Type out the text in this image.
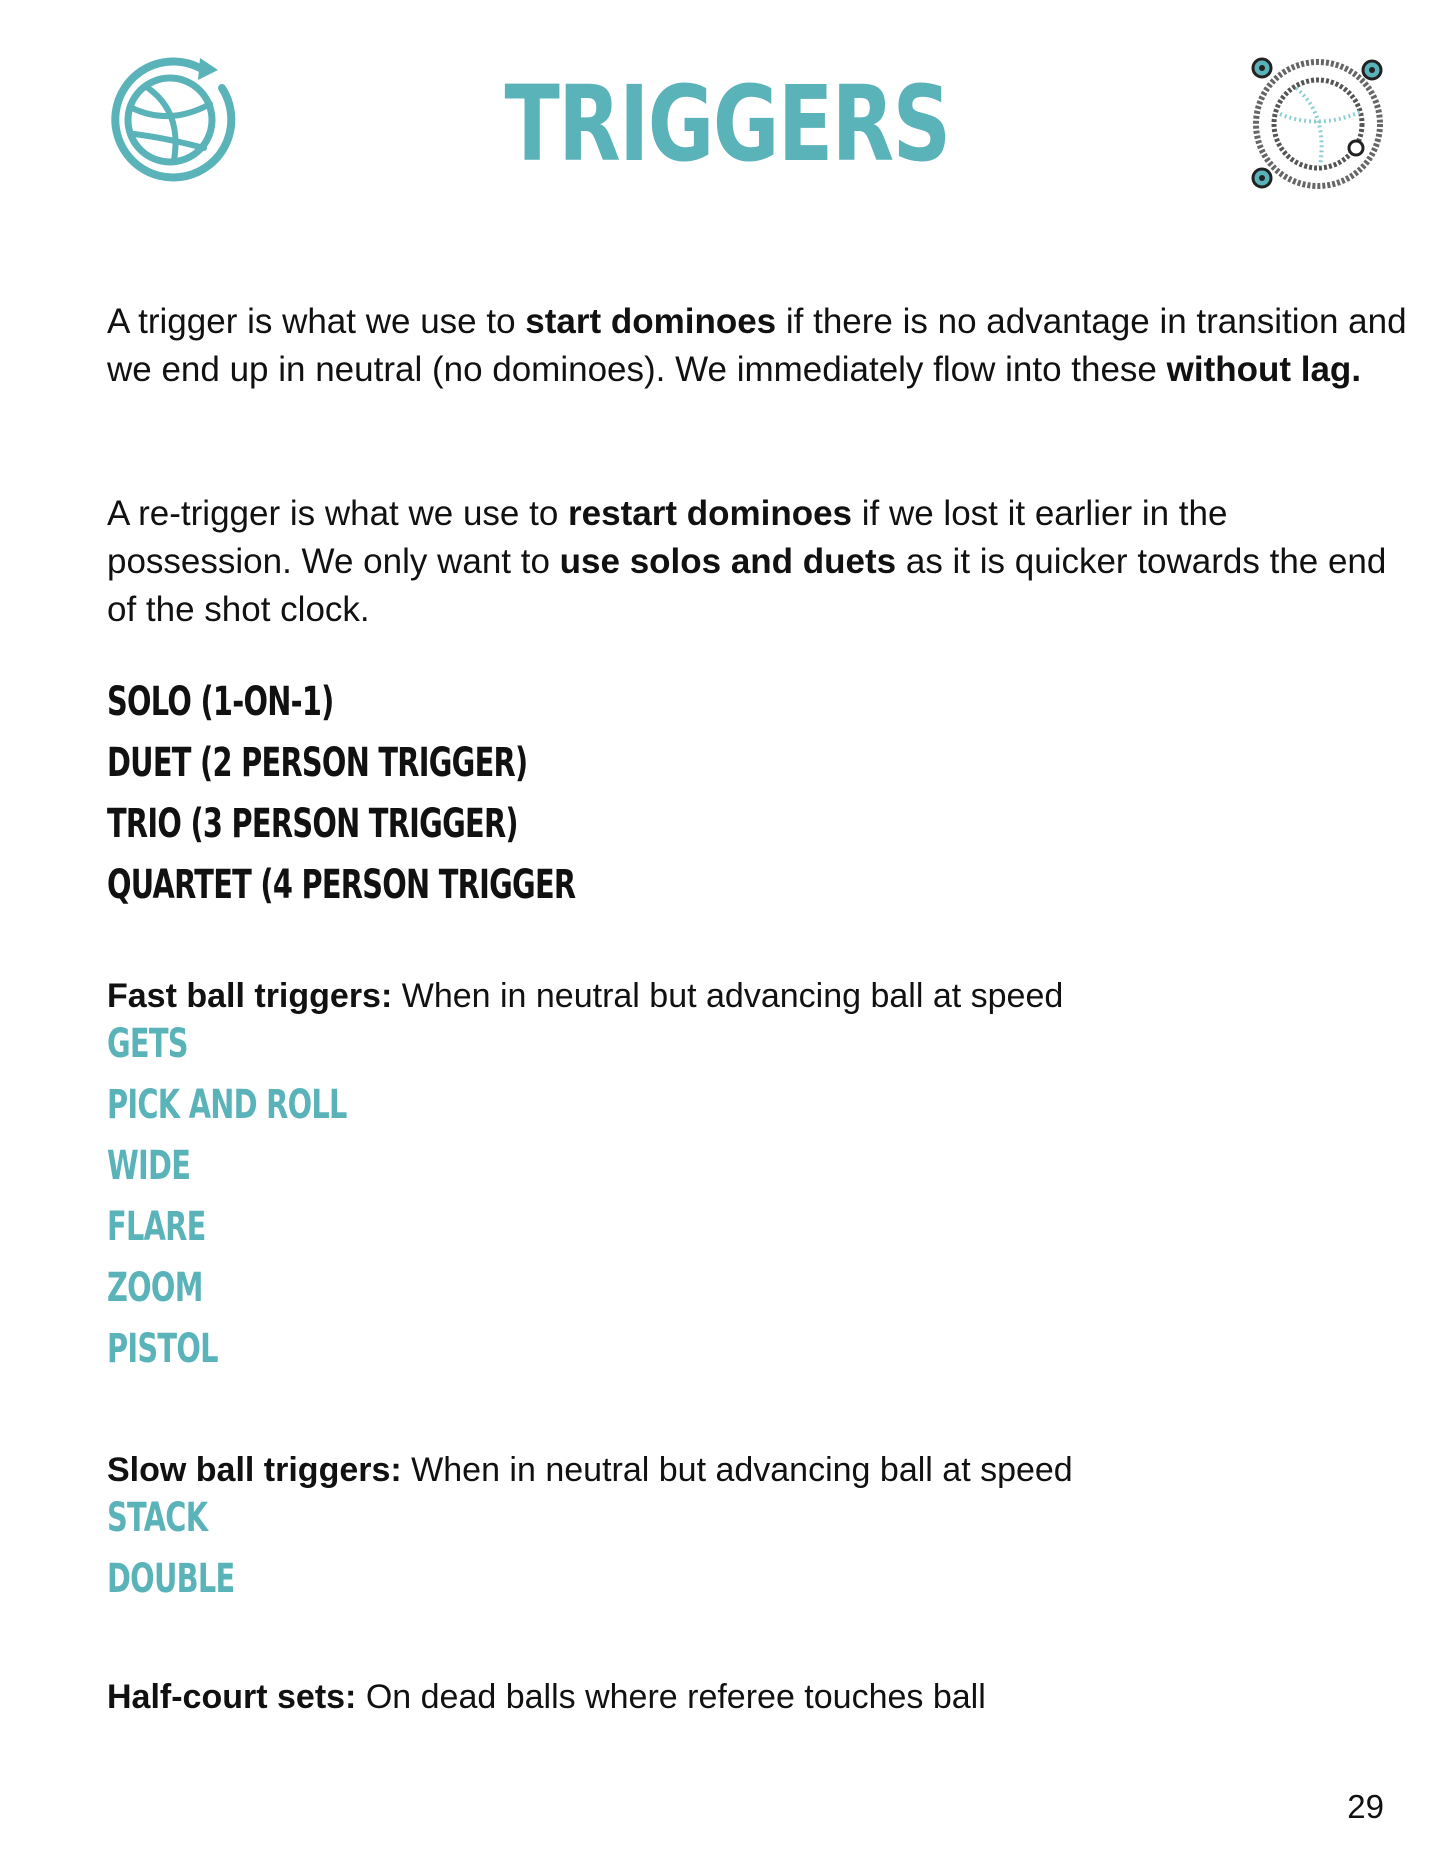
TRIGGERS

A trigger is what we use to start dominoes if there is no advantage in transition and we end up in neutral (no dominoes). We immediately flow into these without lag.

A re-trigger is what we use to restart dominoes if we lost it earlier in the possession. We only want to use solos and duets as it is quicker towards the end of the shot clock.

SOLO (1-ON-1)
DUET (2 PERSON TRIGGER)
TRIO (3 PERSON TRIGGER)
QUARTET (4 PERSON TRIGGER
Fast ball triggers: When in neutral but advancing ball at speed
GETS
PICK AND ROLL
WIDE
FLARE
ZOOM
PISTOL
Slow ball triggers: When in neutral but advancing ball at speed
STACK
DOUBLE
Half-court sets: On dead balls where referee touches ball
29
